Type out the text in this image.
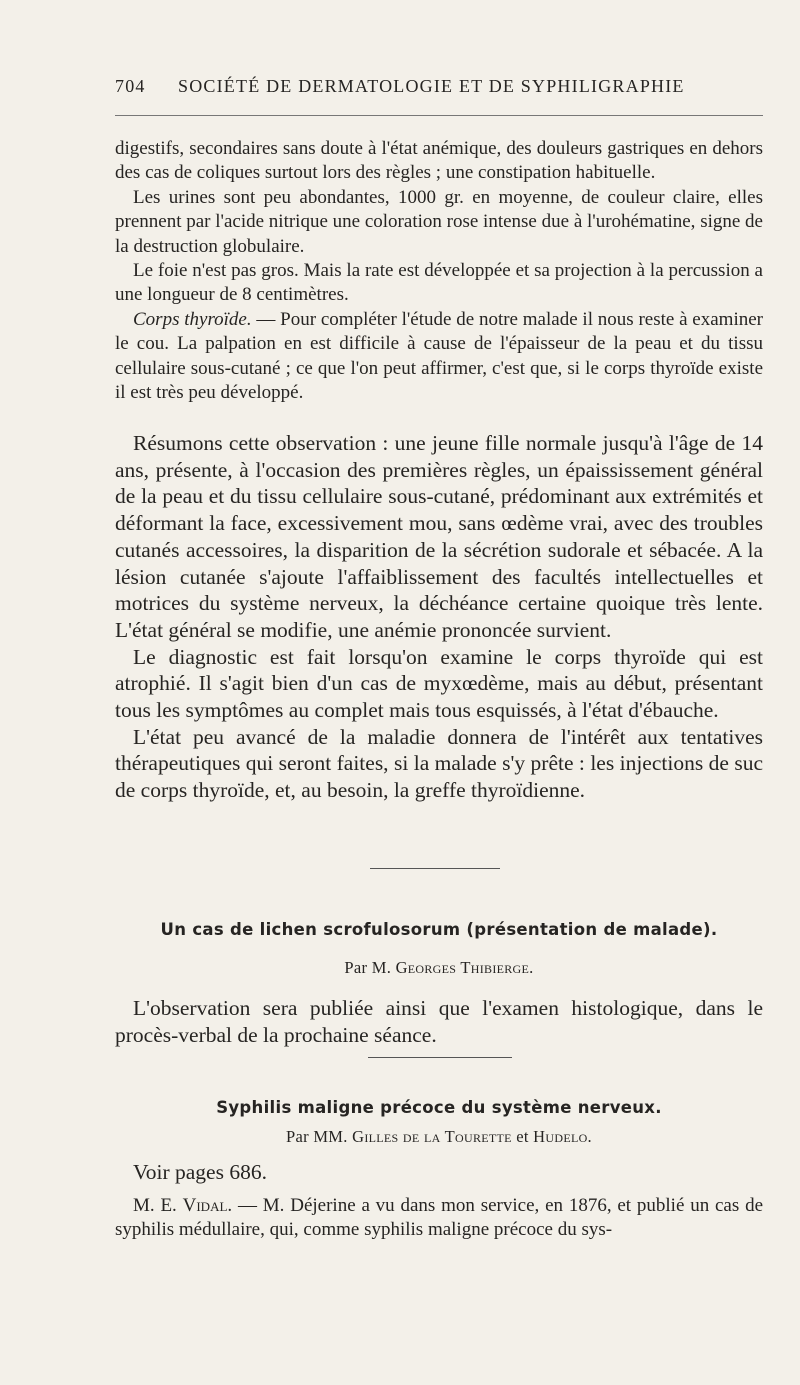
704 SOCIÉTÉ DE DERMATOLOGIE ET DE SYPHILIGRAPHIE

digestifs, secondaires sans doute à l'état anémique, des douleurs gastriques en dehors des cas de coliques surtout lors des règles ; une constipation habituelle.

Les urines sont peu abondantes, 1000 gr. en moyenne, de couleur claire, elles prennent par l'acide nitrique une coloration rose intense due à l'urohématine, signe de la destruction globulaire.

Le foie n'est pas gros. Mais la rate est développée et sa projection à la percussion a une longueur de 8 centimètres.

Corps thyroïde. — Pour compléter l'étude de notre malade il nous reste à examiner le cou. La palpation en est difficile à cause de l'épaisseur de la peau et du tissu cellulaire sous-cutané ; ce que l'on peut affirmer, c'est que, si le corps thyroïde existe il est très peu développé.

Résumons cette observation : une jeune fille normale jusqu'à l'âge de 14 ans, présente, à l'occasion des premières règles, un épaississement général de la peau et du tissu cellulaire sous-cutané, prédominant aux extrémités et déformant la face, excessivement mou, sans œdème vrai, avec des troubles cutanés accessoires, la disparition de la sécrétion sudorale et sébacée. A la lésion cutanée s'ajoute l'affaiblissement des facultés intellectuelles et motrices du système nerveux, la déchéance certaine quoique très lente. L'état général se modifie, une anémie prononcée survient.

Le diagnostic est fait lorsqu'on examine le corps thyroïde qui est atrophié. Il s'agit bien d'un cas de myxœdème, mais au début, présentant tous les symptômes au complet mais tous esquissés, à l'état d'ébauche.

L'état peu avancé de la maladie donnera de l'intérêt aux tentatives thérapeutiques qui seront faites, si la malade s'y prête : les injections de suc de corps thyroïde, et, au besoin, la greffe thyroïdienne.

Un cas de lichen scrofulosorum (présentation de malade).
Par M. Georges Thibierge.

L'observation sera publiée ainsi que l'examen histologique, dans le procès-verbal de la prochaine séance.

Syphilis maligne précoce du système nerveux.
Par MM. Gilles de la Tourette et Hudelo.

Voir pages 686.

M. E. Vidal. — M. Déjerine a vu dans mon service, en 1876, et publié un cas de syphilis médullaire, qui, comme syphilis maligne précoce du sys-
